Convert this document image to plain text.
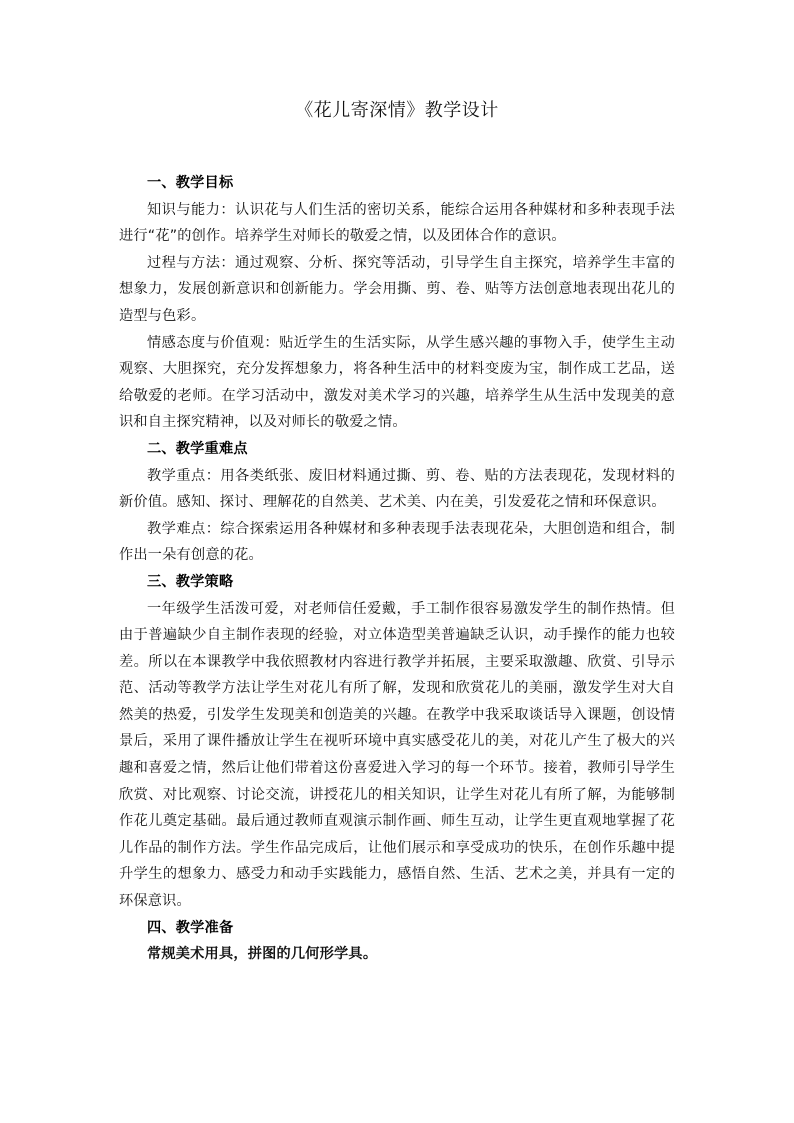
《花儿寄深情》教学设计

一、教学目标

知识与能力：认识花与人们生活的密切关系，能综合运用各种媒材和多种表现手法进行“花”的创作。培养学生对师长的敬爱之情，以及团体合作的意识。

过程与方法：通过观察、分析、探究等活动，引导学生自主探究，培养学生丰富的想象力，发展创新意识和创新能力。学会用撕、剪、卷、贴等方法创意地表现出花儿的造型与色彩。

情感态度与价值观：贴近学生的生活实际，从学生感兴趣的事物入手，使学生主动观察、大胆探究，充分发挥想象力，将各种生活中的材料变废为宝，制作成工艺品，送给敬爱的老师。在学习活动中，激发对美术学习的兴趣，培养学生从生活中发现美的意识和自主探究精神，以及对师长的敬爱之情。

二、教学重难点

教学重点：用各类纸张、废旧材料通过撕、剪、卷、贴的方法表现花，发现材料的新价值。感知、探讨、理解花的自然美、艺术美、内在美，引发爱花之情和环保意识。

教学难点：综合探索运用各种媒材和多种表现手法表现花朵，大胆创造和组合，制作出一朵有创意的花。

三、教学策略

一年级学生活泼可爱，对老师信任爱戴，手工制作很容易激发学生的制作热情。但由于普遍缺少自主制作表现的经验，对立体造型美普遍缺乏认识，动手操作的能力也较差。所以在本课教学中我依照教材内容进行教学并拓展，主要采取激趣、欣赏、引导示范、活动等教学方法让学生对花儿有所了解，发现和欣赏花儿的美丽，激发学生对大自然美的热爱，引发学生发现美和创造美的兴趣。在教学中我采取谈话导入课题，创设情景后，采用了课件播放让学生在视听环境中真实感受花儿的美，对花儿产生了极大的兴趣和喜爱之情，然后让他们带着这份喜爱进入学习的每一个环节。接着，教师引导学生欣赏、对比观察、讨论交流，讲授花儿的相关知识，让学生对花儿有所了解，为能够制作花儿奠定基础。最后通过教师直观演示制作画、师生互动，让学生更直观地掌握了花儿作品的制作方法。学生作品完成后，让他们展示和享受成功的快乐，在创作乐趣中提升学生的想象力、感受力和动手实践能力，感悟自然、生活、艺术之美，并具有一定的环保意识。

四、教学准备

常规美术用具，拼图的几何形学具。
